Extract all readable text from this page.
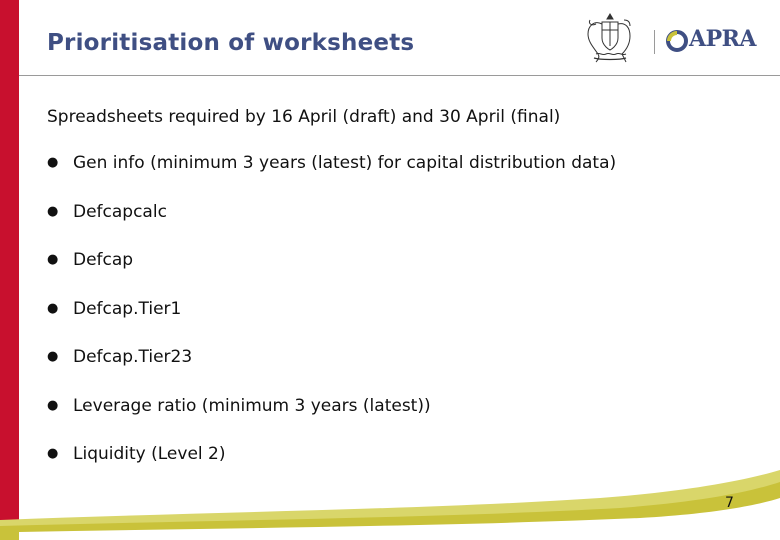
Prioritisation of worksheets	APRA

Spreadsheets required by 16 April (draft) and 30 April (final)

● Gen info (minimum 3 years (latest) for capital distribution data)
● Defcapcalc
● Defcap
● Defcap.Tier1
● Defcap.Tier23
● Leverage ratio (minimum 3 years (latest))
● Liquidity (Level 2)
7
